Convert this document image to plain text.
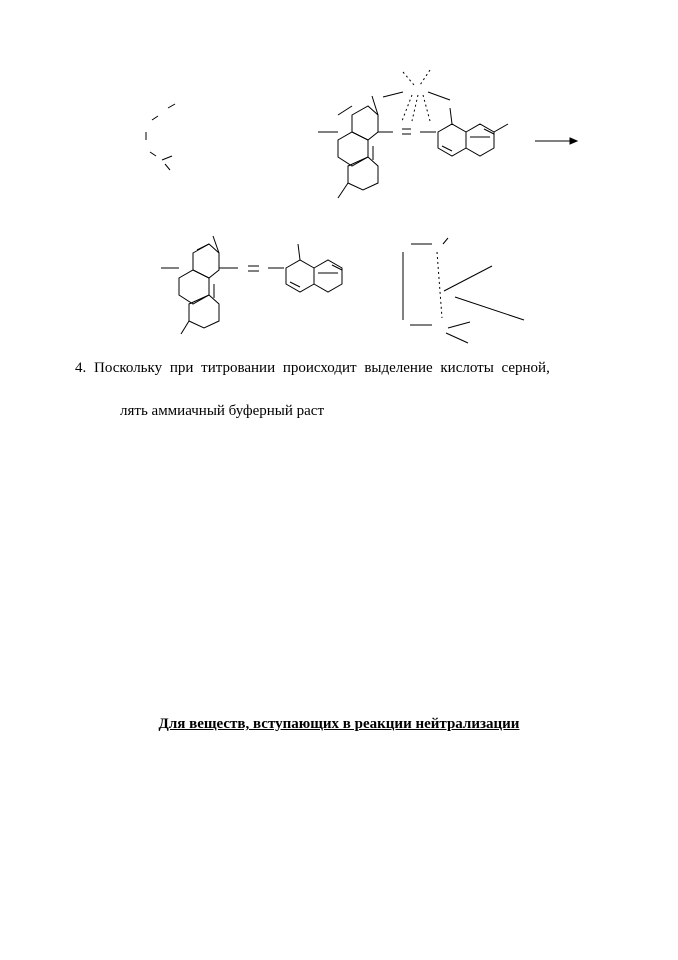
4. Поскольку при титровании происходит выделение кислоты серной,
лять аммиачный буферный раст
Для веществ, вступающих в реакции нейтрализации
